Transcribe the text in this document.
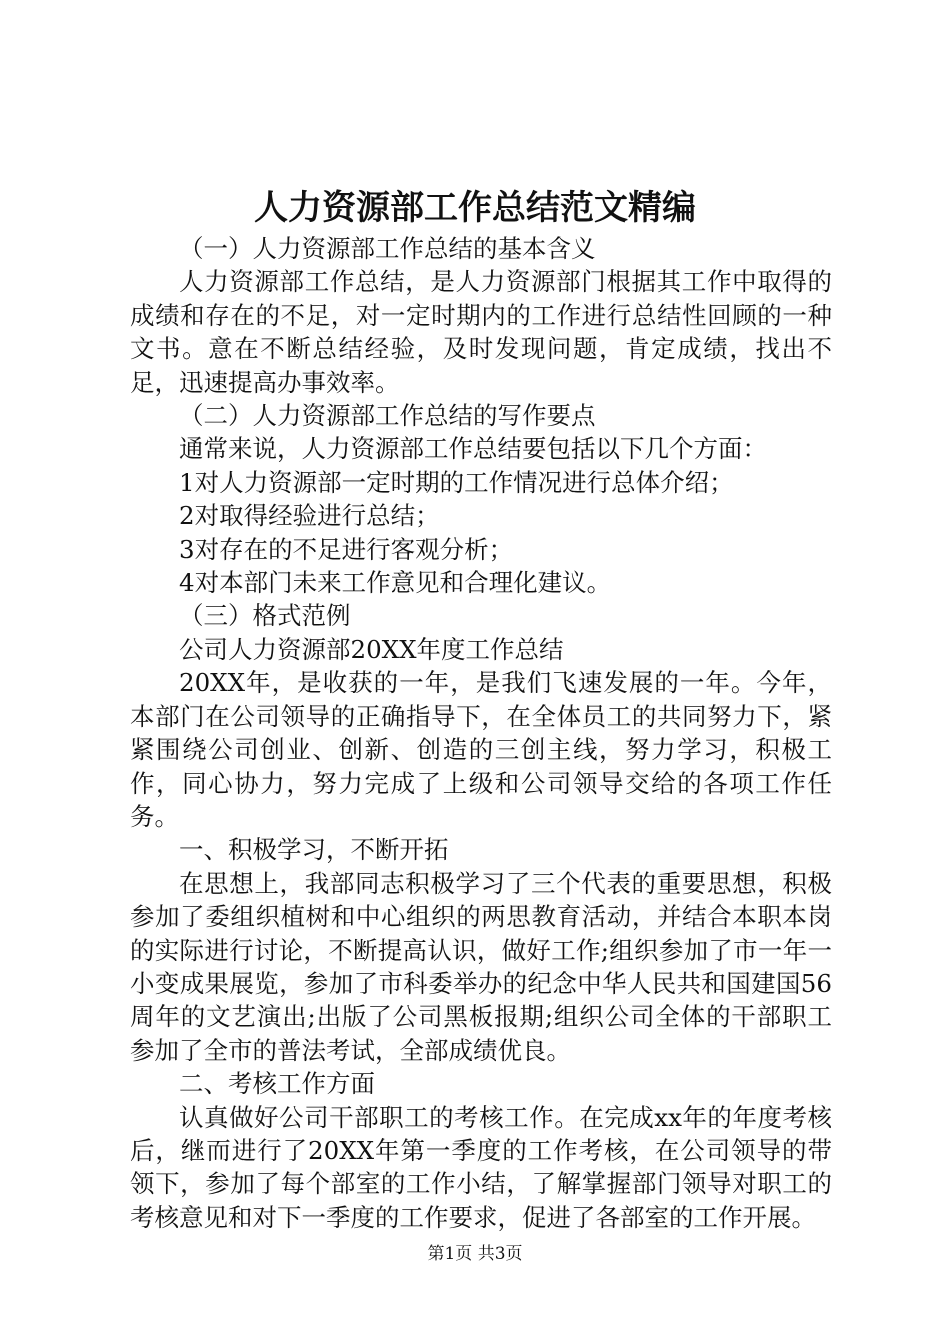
人力资源部工作总结范文精编

（一）人力资源部工作总结的基本含义

人力资源部工作总结，是人力资源部门根据其工作中取得的成绩和存在的不足，对一定时期内的工作进行总结性回顾的一种文书。意在不断总结经验，及时发现问题，肯定成绩，找出不足，迅速提高办事效率。

（二）人力资源部工作总结的写作要点

通常来说，人力资源部工作总结要包括以下几个方面：

1对人力资源部一定时期的工作情况进行总体介绍；

2对取得经验进行总结；

3对存在的不足进行客观分析；

4对本部门未来工作意见和合理化建议。

（三）格式范例

公司人力资源部20XX年度工作总结

20XX年，是收获的一年，是我们飞速发展的一年。今年，本部门在公司领导的正确指导下，在全体员工的共同努力下，紧紧围绕公司创业、创新、创造的三创主线，努力学习，积极工作，同心协力，努力完成了上级和公司领导交给的各项工作任务。

一、积极学习，不断开拓

在思想上，我部同志积极学习了三个代表的重要思想，积极参加了委组织植树和中心组织的两思教育活动，并结合本职本岗的实际进行讨论，不断提高认识，做好工作;组织参加了市一年一小变成果展览，参加了市科委举办的纪念中华人民共和国建国56周年的文艺演出;出版了公司黑板报期;组织公司全体的干部职工参加了全市的普法考试，全部成绩优良。

二、考核工作方面

认真做好公司干部职工的考核工作。在完成xx年的年度考核后，继而进行了20XX年第一季度的工作考核，在公司领导的带领下，参加了每个部室的工作小结，了解掌握部门领导对职工的考核意见和对下一季度的工作要求，促进了各部室的工作开展。

第1页 共3页
